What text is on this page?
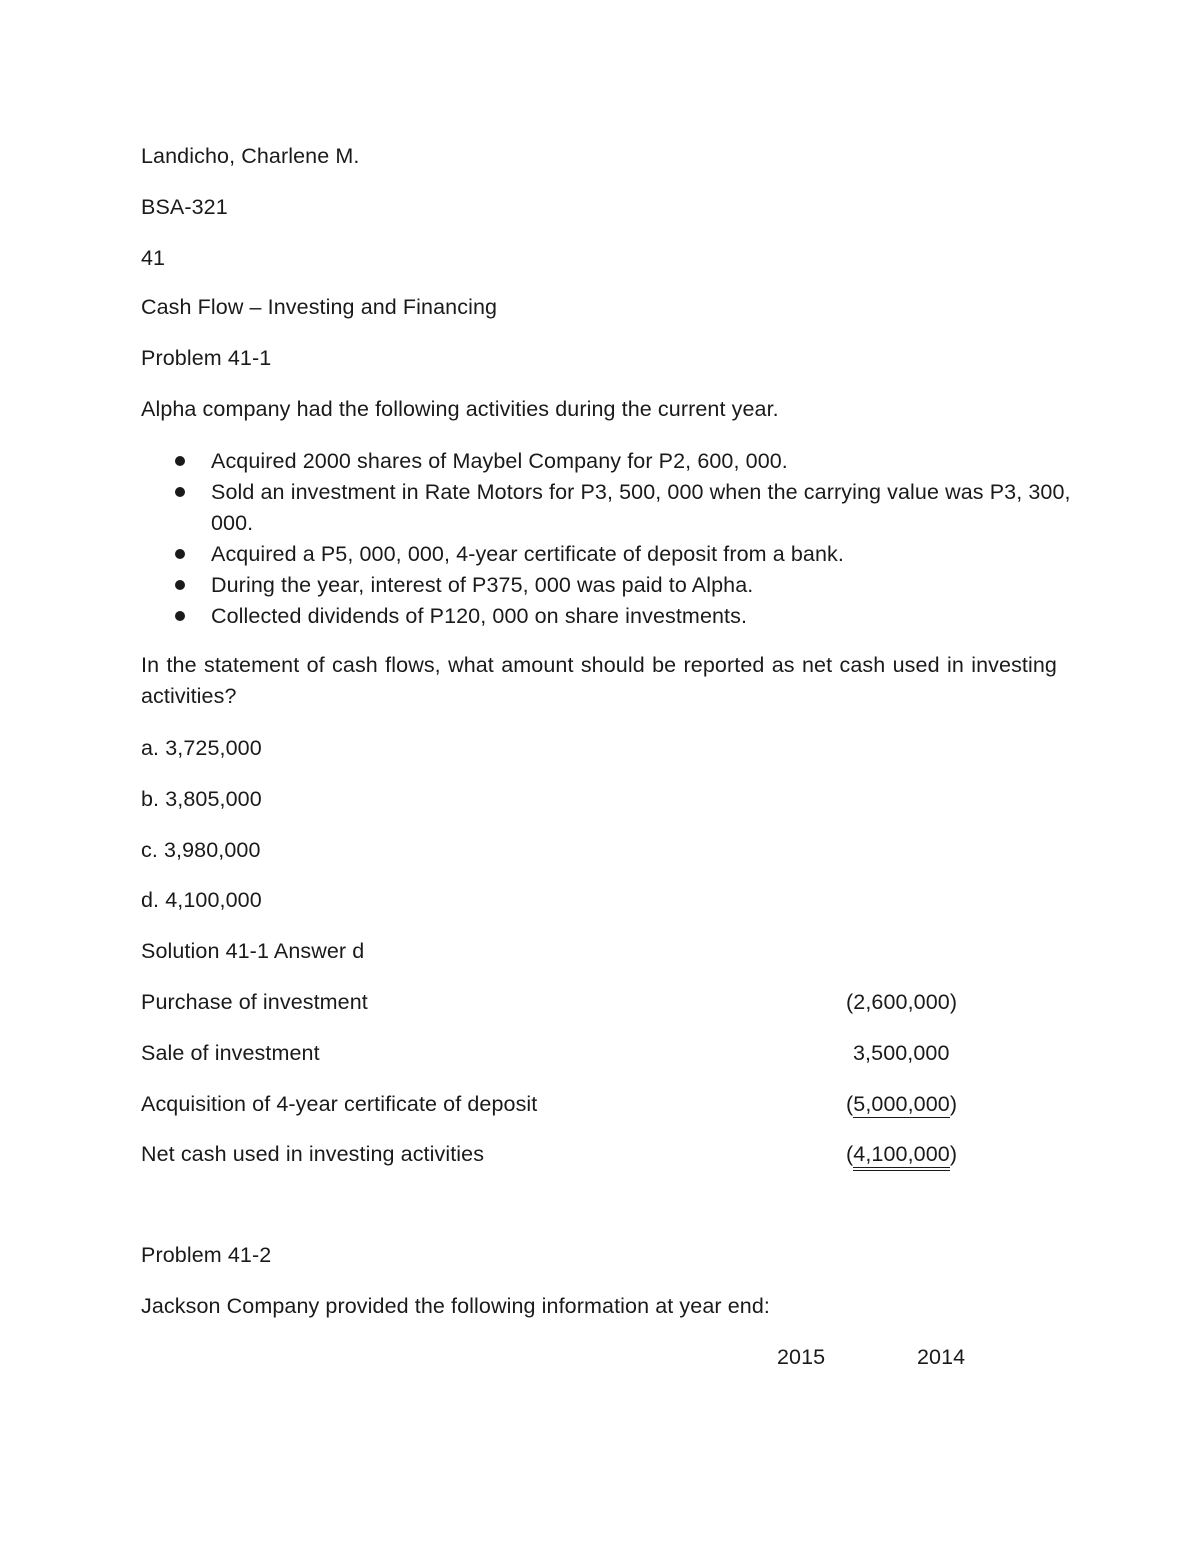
Landicho, Charlene M.
BSA-321
41
Cash Flow – Investing and Financing
Problem 41-1
Alpha company had the following activities during the current year.
Acquired 2000 shares of Maybel Company for P2, 600, 000.
Sold an investment in Rate Motors for P3, 500, 000 when the carrying value was P3, 300, 000.
Acquired a P5, 000, 000, 4-year certificate of deposit from a bank.
During the year, interest of P375, 000 was paid to Alpha.
Collected dividends of P120, 000 on share investments.
In the statement of cash flows, what amount should be reported as net cash used in investing activities?
a. 3,725,000
b. 3,805,000
c. 3,980,000
d. 4,100,000
Solution 41-1 Answer d
Purchase of investment	(2,600,000)
Sale of investment	3,500,000
Acquisition of 4-year certificate of deposit	(5,000,000)
Net cash used in investing activities	(4,100,000)
Problem 41-2
Jackson Company provided the following information at year end:
2015	2014
